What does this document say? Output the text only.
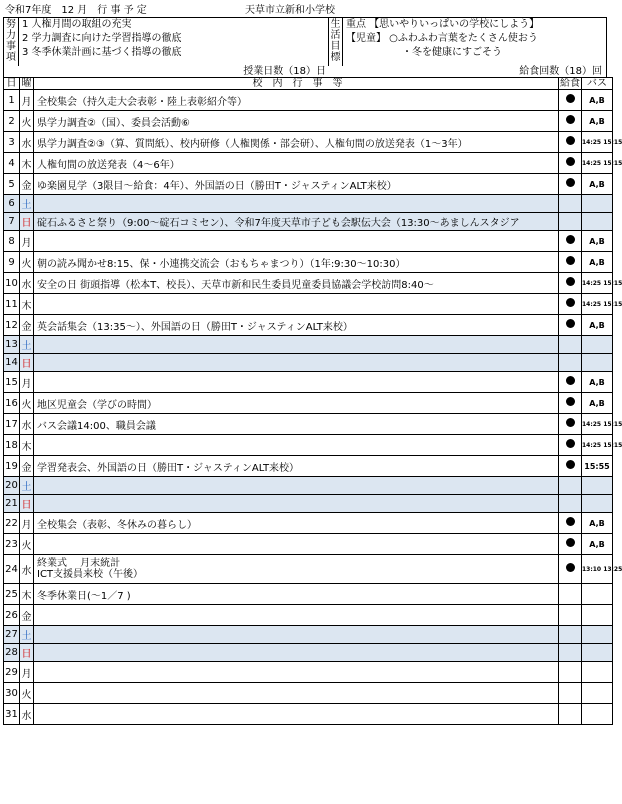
令和7年度　12 月　行 事 予 定	天草市立新和小学校
努力事項
1 人権月間の取組の充実
2 学力調査に向けた学習指導の徹底
3 冬季休業計画に基づく指導の徹底
生活目標
重点 【思いやりいっぱいの学校にしよう】
【児童】 ○ふわふわ言葉をたくさん使おう
・冬を健康にすごそう
授業日数（18）日	給食回数（18）回
日	曜	校　内　行　事　等	給食	バス
1	月	全校集会（持久走大会表彰・陸上表彰紹介等）		A,B
2	火	県学力調査②（国）、委員会活動⑥		A,B
3	水	県学力調査②③（算、質問紙）、校内研修（人権関係・部会研）、人権旬間の放送発表（1～3年）		14:25 15:15
4	木	人権旬間の放送発表（4～6年）		14:25 15:15
5	金	ゆ楽園見学（3限目～給食：4年）、外国語の日（勝田T・ジャスティンALT来校）		A,B
6	土			
7	日	碇石ふるさと祭り（9:00～碇石コミセン）、令和7年度天草市子ども会駅伝大会（13:30～あましんスタジア		
8	月			A,B
9	火	朝の読み聞かせ8:15、保・小連携交流会（おもちゃまつり）（1年:9:30～10:30）		A,B
10	水	安全の日 街頭指導（松本T、校長）、天草市新和民生委員児童委員協議会学校訪問8:40～		14:25 15:15
11	木			14:25 15:15
12	金	英会話集会（13:35～）、外国語の日（勝田T・ジャスティンALT来校）		A,B
13	土			
14	日			
15	月			A,B
16	火	地区児童会（学びの時間）		A,B
17	水	バス会議14:00、職員会議		14:25 15:15
18	木			14:25 15:15
19	金	学習発表会、外国語の日（勝田T・ジャスティンALT来校）		15:55
20	土			
21	日			
22	月	全校集会（表彰、冬休みの暮らし）		A,B
23	火			A,B
24	水	終業式　 月末統計
ICT支援員来校（午後）		13:10 13:25
25	木	冬季休業日(～1／7 )		
26	金			
27	土			
28	日			
29	月			
30	火			
31	水			
